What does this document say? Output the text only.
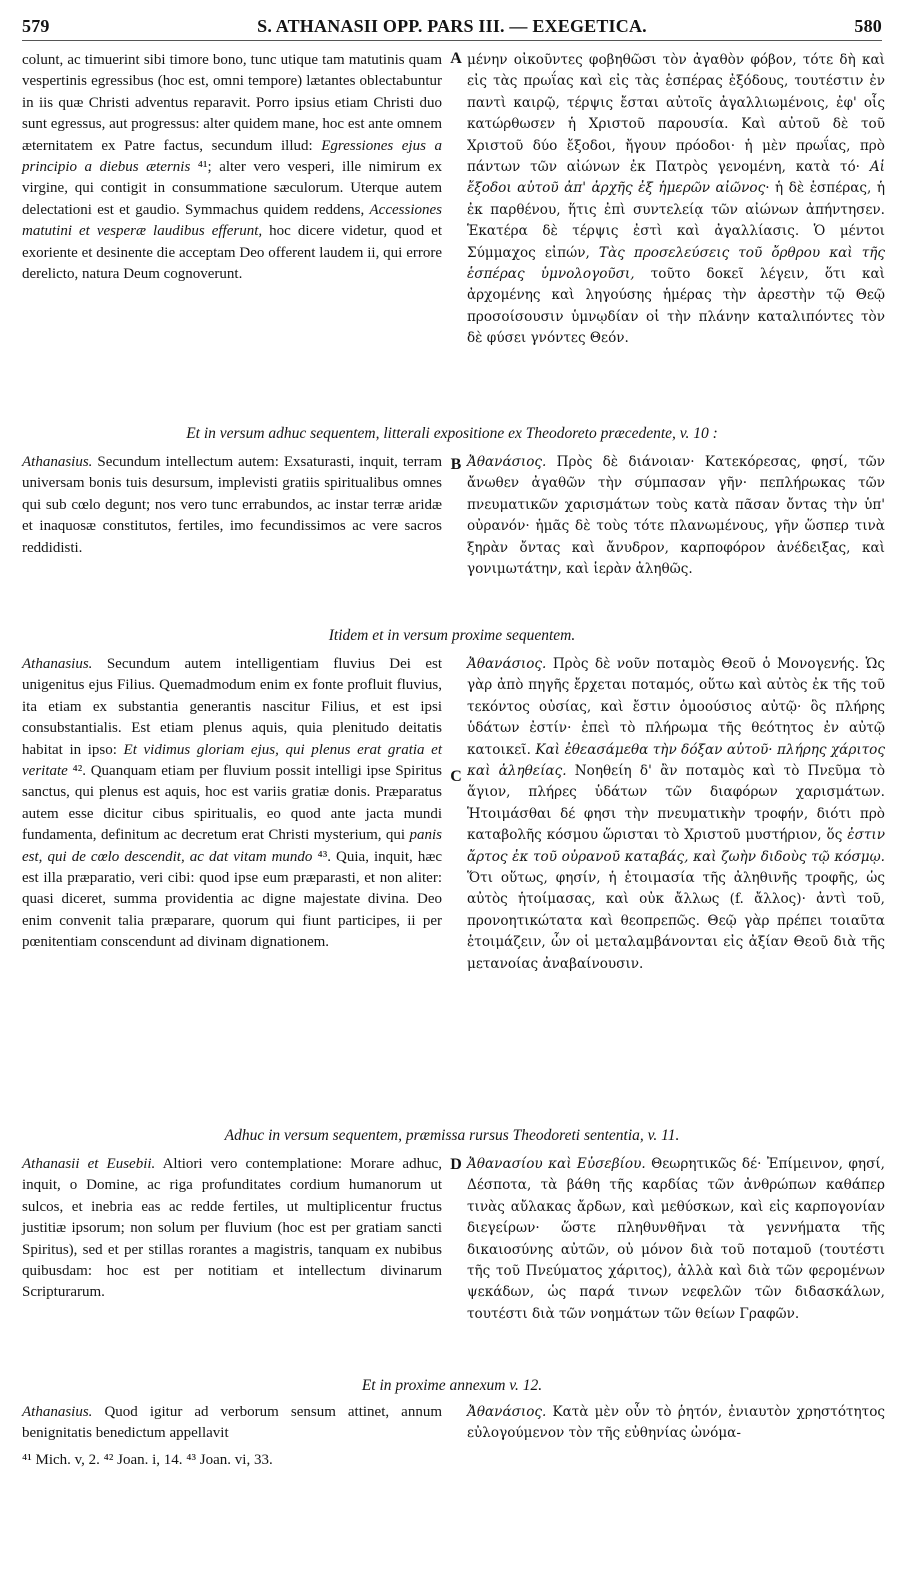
579	S. ATHANASII OPP. PARS III. — EXEGETICA.	580
colunt, ac timuerint sibi timore bono, tunc utique tam matutinis quam vespertinis egressibus (hoc est, omni tempore) lætantes oblectabuntur in iis quæ Christi adventus reparavit. Porro ipsius etiam Christi duo sunt egressus, aut progressus: alter quidem mane, hoc est ante omnem æternitatem ex Patre factus, secundum illud: Egressiones ejus a principio a diebus æternis ⁴¹; alter vero vesperi, ille nimirum ex virgine, qui contigit in consummatione sæculorum. Uterque autem delectationi est et gaudio. Symmachus quidem reddens, Accessiones matutini et vesperæ laudibus efferunt, hoc dicere videtur, quod et exoriente et desinente die acceptam Deo offerent laudem ii, qui errore derelicto, natura Deum cognoverunt.
A μένην οἰκοῦντες φοβηθῶσι τὸν ἀγαθὸν φόβον, τότε δὴ καὶ εἰς τὰς πρωΐας καὶ εἰς τὰς ἑσπέρας ἐξόδους, τουτέστιν ἐν παντὶ καιρῷ, τέρψις ἔσται αὐτοῖς ἀγαλλιωμένοις, ἐφ' οἷς κατώρθωσεν ἡ Χριστοῦ παρουσία. Καὶ αὐτοῦ δὲ τοῦ Χριστοῦ δύο ἔξοδοι, ἤγουν πρόοδοι· ἡ μὲν πρωΐας, πρὸ πάντων τῶν αἰώνων ἐκ Πατρὸς γενομένη, κατὰ τό· Αἱ ἔξοδοι αὐτοῦ ἀπ' ἀρχῆς ἐξ ἡμερῶν αἰῶνος· ἡ δὲ ἑσπέρας, ἡ ἐκ παρθένου, ἥτις ἐπὶ συντελείᾳ τῶν αἰώνων ἀπήντησεν. Ἑκατέρα δὲ τέρψις ἐστὶ καὶ ἀγαλλίασις. Ὁ μέντοι Σύμμαχος εἰπών, Τὰς προσελεύσεις τοῦ ὄρθρου καὶ τῆς ἑσπέρας ὑμνολογοῦσι, τοῦτο δοκεῖ λέγειν, ὅτι καὶ ἀρχομένης καὶ ληγούσης ἡμέρας τὴν ἀρεστὴν τῷ Θεῷ προσοίσουσιν ὑμνῳδίαν οἱ τὴν πλάνην καταλιπόντες τὸν δὲ φύσει γνόντες Θεόν.
Et in versum adhuc sequentem, litterali expositione ex Theodoreto præcedente, v. 10 :
Athanasius. Secundum intellectum autem: Exsaturasti, inquit, terram universam bonis tuis desursum, implevisti gratiis spiritualibus omnes qui sub cœlo degunt; nos vero tunc errabundos, ac instar terræ aridæ et inaquosæ constitutos, fertiles, imo fecundissimos ac vere sacros reddidisti.
B Ἀθανάσιος. Πρὸς δὲ διάνοιαν· Κατεκόρεσας, φησί, τῶν ἄνωθεν ἀγαθῶν τὴν σύμπασαν γῆν· πεπλήρωκας τῶν πνευματικῶν χαρισμάτων τοὺς κατὰ πᾶσαν ὄντας τὴν ὑπ' οὐρανόν· ἡμᾶς δὲ τοὺς τότε πλανωμένους, γῆν ὥσπερ τινὰ ξηρὰν ὄντας καὶ ἄνυδρον, καρποφόρον ἀνέδειξας, καὶ γονιμωτάτην, καὶ ἱερὰν ἀληθῶς.
Itidem et in versum proxime sequentem.
Athanasius. Secundum autem intelligentiam fluvius Dei est unigenitus ejus Filius. Quemadmodum enim ex fonte profluit fluvius, ita etiam ex substantia generantis nascitur Filius, et est ipsi consubstantialis. Est etiam plenus aquis, quia plenitudo deitatis habitat in ipso: Et vidimus gloriam ejus, qui plenus erat gratia et veritate ⁴². Quanquam etiam per fluvium possit intelligi ipse Spiritus sanctus, qui plenus est aquis, hoc est variis gratiæ donis. Præparatus autem esse dicitur cibus spiritualis, eo quod ante jacta mundi fundamenta, definitum ac decretum erat Christi mysterium, qui panis est, qui de cœlo descendit, ac dat vitam mundo ⁴³. Quia, inquit, hæc est illa præparatio, veri cibi: quod ipse eum præparasti, et non aliter: quasi diceret, summa providentia ac digne majestate divina. Deo enim convenit talia præparare, quorum qui fiunt participes, ii per pœnitentiam conscendunt ad divinam dignationem.
C
Ἀθανάσιος. Πρὸς δὲ νοῦν ποταμὸς Θεοῦ ὁ Μονογενής. Ὡς γὰρ ἀπὸ πηγῆς ἔρχεται ποταμός, οὕτω καὶ αὐτὸς ἐκ τῆς τοῦ τεκόντος οὐσίας, καὶ ἔστιν ὁμοούσιος αὐτῷ· ὃς πλήρης ὑδάτων ἐστίν· ἐπεὶ τὸ πλήρωμα τῆς θεότητος ἐν αὐτῷ κατοικεῖ. Καὶ ἐθεασάμεθα τὴν δόξαν αὐτοῦ· πλήρης χάριτος καὶ ἀληθείας. Νοηθείη δ' ἂν ποταμὸς καὶ τὸ Πνεῦμα τὸ ἅγιον, πλήρες ὑδάτων τῶν διαφόρων χαρισμάτων. Ἡτοιμάσθαι δέ φησι τὴν πνευματικὴν τροφήν, διότι πρὸ καταβολῆς κόσμου ὥρισται τὸ Χριστοῦ μυστήριον, ὅς ἐστιν ἄρτος ἐκ τοῦ οὐρανοῦ καταβάς, καὶ ζωὴν διδοὺς τῷ κόσμῳ. Ὅτι οὕτως, φησίν, ἡ ἑτοιμασία τῆς ἀληθινῆς τροφῆς, ὡς αὐτὸς ἡτοίμασας, καὶ οὐκ ἄλλως (f. ἄλλος)· ἀντὶ τοῦ, προνοητικώτατα καὶ θεοπρεπῶς. Θεῷ γὰρ πρέπει τοιαῦτα ἑτοιμάζειν, ὧν οἱ μεταλαμβάνονται εἰς ἀξίαν Θεοῦ διὰ τῆς μετανοίας ἀναβαίνουσιν.
Adhuc in versum sequentem, præmissa rursus Theodoreti sententia, v. 11.
Athanasii et Eusebii. Altiori vero contemplatione: Morare adhuc, inquit, o Domine, ac riga profunditates cordium humanorum ut sulcos, et inebria eas ac redde fertiles, ut multiplicentur fructus justitiæ ipsorum; non solum per fluvium (hoc est per gratiam sancti Spiritus), sed et per stillas rorantes a magistris, tanquam ex nubibus quibusdam: hoc est per notitiam et intellectum divinarum Scripturarum.
D Ἀθανασίου καὶ Εὐσεβίου. Θεωρητικῶς δέ· Ἐπίμεινον, φησί, Δέσποτα, τὰ βάθη τῆς καρδίας τῶν ἀνθρώπων καθάπερ τινὰς αὔλακας ἄρδων, καὶ μεθύσκων, καὶ εἰς καρπογονίαν διεγείρων· ὥστε πληθυνθῆναι τὰ γεννήματα τῆς δικαιοσύνης αὐτῶν, οὐ μόνον διὰ τοῦ ποταμοῦ (τουτέστι τῆς τοῦ Πνεύματος χάριτος), ἀλλὰ καὶ διὰ τῶν φερομένων ψεκάδων, ὡς παρά τινων νεφελῶν τῶν διδασκάλων, τουτέστι διὰ τῶν νοημάτων τῶν θείων Γραφῶν.
Et in proxime annexum v. 12.
Athanasius. Quod igitur ad verborum sensum attinet, annum benignitatis benedictum appellavit
Ἀθανάσιος. Κατὰ μὲν οὖν τὸ ῥητόν, ἐνιαυτὸν χρηστότητος εὐλογούμενον τὸν τῆς εὐθηνίας ὠνόμα-
⁴¹ Mich. v, 2. ⁴² Joan. i, 14. ⁴³ Joan. vi, 33.
